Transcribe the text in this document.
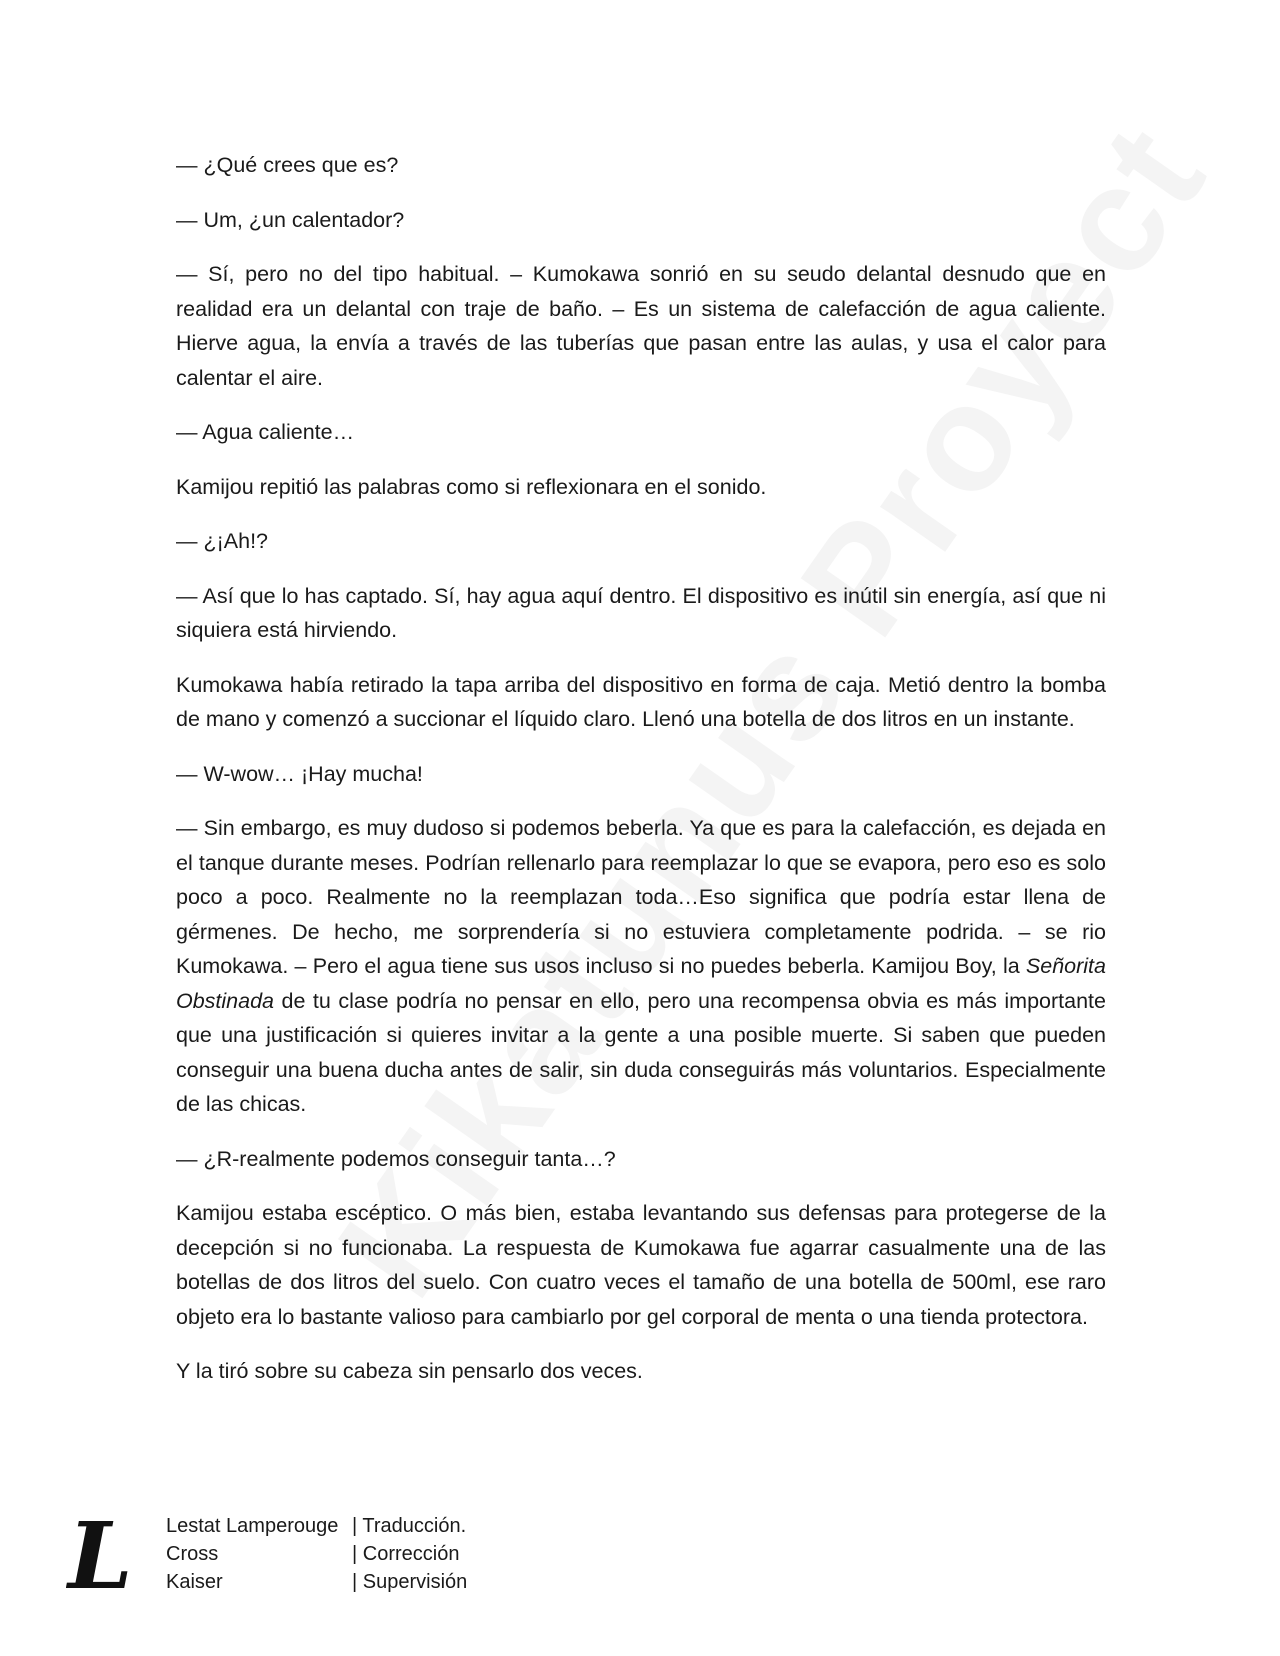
— ¿Qué crees que es?

— Um, ¿un calentador?

— Sí, pero no del tipo habitual. – Kumokawa sonrió en su seudo delantal desnudo que en realidad era un delantal con traje de baño. – Es un sistema de calefacción de agua caliente. Hierve agua, la envía a través de las tuberías que pasan entre las aulas, y usa el calor para calentar el aire.

— Agua caliente…

Kamijou repitió las palabras como si reflexionara en el sonido.

— ¿¡Ah!?

— Así que lo has captado. Sí, hay agua aquí dentro. El dispositivo es inútil sin energía, así que ni siquiera está hirviendo.

Kumokawa había retirado la tapa arriba del dispositivo en forma de caja. Metió dentro la bomba de mano y comenzó a succionar el líquido claro. Llenó una botella de dos litros en un instante.

— W-wow… ¡Hay mucha!

— Sin embargo, es muy dudoso si podemos beberla. Ya que es para la calefacción, es dejada en el tanque durante meses. Podrían rellenarlo para reemplazar lo que se evapora, pero eso es solo poco a poco. Realmente no la reemplazan toda…Eso significa que podría estar llena de gérmenes. De hecho, me sorprendería si no estuviera completamente podrida. – se rio Kumokawa. – Pero el agua tiene sus usos incluso si no puedes beberla. Kamijou Boy, la Señorita Obstinada de tu clase podría no pensar en ello, pero una recompensa obvia es más importante que una justificación si quieres invitar a la gente a una posible muerte. Si saben que pueden conseguir una buena ducha antes de salir, sin duda conseguirás más voluntarios. Especialmente de las chicas.

— ¿R-realmente podemos conseguir tanta…?

Kamijou estaba escéptico. O más bien, estaba levantando sus defensas para protegerse de la decepción si no funcionaba. La respuesta de Kumokawa fue agarrar casualmente una de las botellas de dos litros del suelo. Con cuatro veces el tamaño de una botella de 500ml, ese raro objeto era lo bastante valioso para cambiarlo por gel corporal de menta o una tienda protectora.

Y la tiró sobre su cabeza sin pensarlo dos veces.

L Lestat Lamperouge | Traducción.
Cross	| Corrección
Kaiser	| Supervisión
